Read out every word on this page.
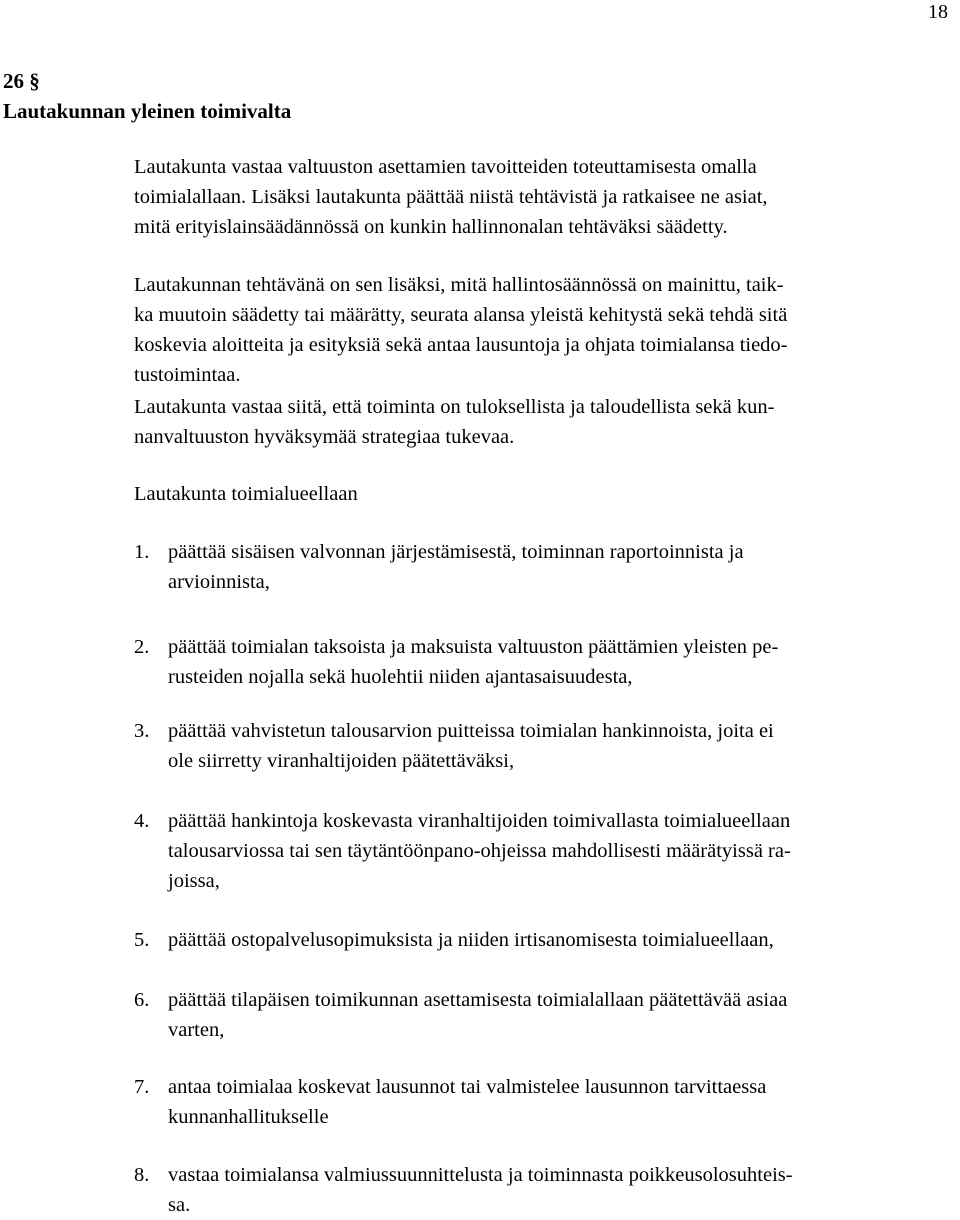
18
26 §
Lautakunnan yleinen toimivalta

Lautakunta vastaa valtuuston asettamien tavoitteiden toteuttamisesta omalla
toimialallaan. Lisäksi lautakunta päättää niistä tehtävistä ja ratkaisee ne asiat,
mitä erityislainsäädännössä on kunkin hallinnonalan tehtäväksi säädetty.

Lautakunnan tehtävänä on sen lisäksi, mitä hallintosäännössä on mainittu, taik-
ka muutoin säädetty tai määrätty, seurata alansa yleistä kehitystä sekä tehdä sitä
koskevia aloitteita ja esityksiä sekä antaa lausuntoja ja ohjata toimialansa tiedo-
tustoimintaa.

Lautakunta vastaa siitä, että toiminta on tuloksellista ja taloudellista sekä kun-
nanvaltuuston hyväksymää strategiaa tukevaa.

Lautakunta toimialueellaan

1. päättää sisäisen valvonnan järjestämisestä, toiminnan raportoinnista ja
arvioinnista,
2. päättää toimialan taksoista ja maksuista valtuuston päättämien yleisten pe-
rusteiden nojalla sekä huolehtii niiden ajantasaisuudesta,
3. päättää vahvistetun talousarvion puitteissa toimialan hankinnoista, joita ei
ole siirretty viranhaltijoiden päätettäväksi,
4. päättää hankintoja koskevasta viranhaltijoiden toimivallasta toimialueellaan
talousarviossa tai sen täytäntöönpano-ohjeissa mahdollisesti määrätyissä ra-
joissa,
5. päättää ostopalvelusopimuksista ja niiden irtisanomisesta toimialueellaan,
6. päättää tilapäisen toimikunnan asettamisesta toimialallaan päätettävää asiaa
varten,
7. antaa toimialaa koskevat lausunnot tai valmistelee lausunnon tarvittaessa
kunnanhallitukselle
8. vastaa toimialansa valmiussuunnittelusta ja toiminnasta poikkeusolosuhteis-
sa.
